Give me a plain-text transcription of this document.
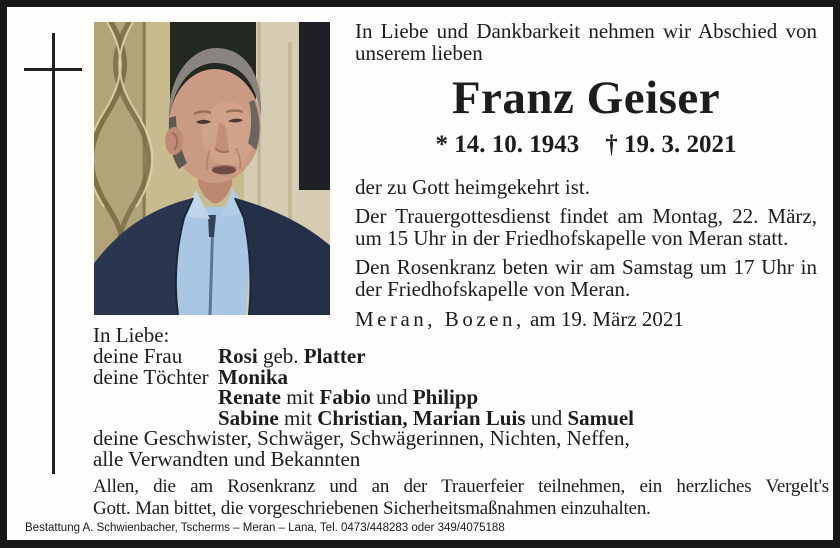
In Liebe und Dankbarkeit nehmen wir Abschied von
unserem lieben
Franz Geiser
* 14. 10. 1943 † 19. 3. 2021
der zu Gott heimgekehrt ist.
Der Trauergottesdienst findet am Montag, 22. März,
um 15 Uhr in der Friedhofskapelle von Meran statt.
Den Rosenkranz beten wir am Samstag um 17 Uhr in
der Friedhofskapelle von Meran.
Meran, Bozen, am 19. März 2021
In Liebe:
deine Frau	Rosi geb. Platter
deine Töchter Monika
Renate mit Fabio und Philipp
Sabine mit Christian, Marian Luis und Samuel
deine Geschwister, Schwäger, Schwägerinnen, Nichten, Neffen,
alle Verwandten und Bekannten
Allen, die am Rosenkranz und an der Trauerfeier teilnehmen, ein herzliches Vergelt's
Gott. Man bittet, die vorgeschriebenen Sicherheitsmaßnahmen einzuhalten.
Bestattung A. Schwienbacher, Tscherms – Meran – Lana, Tel. 0473/448283 oder 349/4075188
